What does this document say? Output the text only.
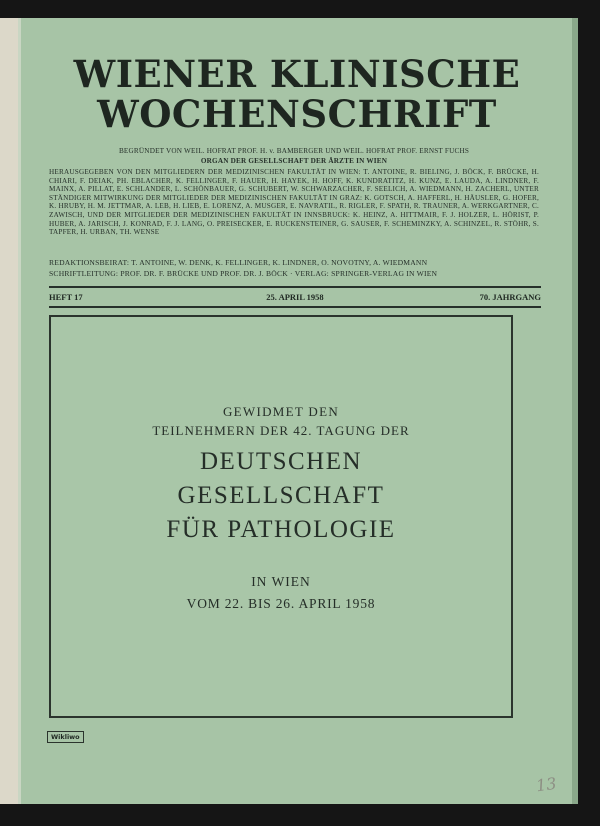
WIENER KLINISCHE
WOCHENSCHRIFT
BEGRÜNDET VON WEIL. HOFRAT PROF. H. v. BAMBERGER UND WEIL. HOFRAT PROF. ERNST FUCHS
ORGAN DER GESELLSCHAFT DER ÄRZTE IN WIEN
HERAUSGEGEBEN VON DEN MITGLIEDERN DER MEDIZINISCHEN FAKULTÄT IN WIEN: T. ANTOINE, R. BIELING, J. BÖCK, F. BRÜCKE, H. CHIARI, F. DEIAK, PH. EBLACHER, K. FELLINGER, F. HAUER, H. HAYEK, H. HOFF, K. KUNDRATITZ, H. KUNZ, E. LAUDA, A. LINDNER, F. MAINX, A. PILLAT, E. SCHLANDER, L. SCHÖNBAUER, G. SCHUBERT, W. SCHWARZACHER, F. SEELICH, A. WIEDMANN, H. ZACHERL, UNTER STÄNDIGER MITWIRKUNG DER MITGLIEDER DER MEDIZINISCHEN FAKULTÄT IN GRAZ: K. GOTSCH, A. HAFFERL, H. HÄUSLER, G. HOFER, K. HRUBY, H. M. JETTMAR, A. LEB, H. LIEB, E. LORENZ, A. MUSGER, E. NAVRATIL, R. RIGLER, F. SPATH, R. TRAUNER, A. WERKGARTNER, C. ZAWISCH, UND DER MITGLIEDER DER MEDIZINISCHEN FAKULTÄT IN INNSBRUCK: K. HEINZ, A. HITTMAIR, F. J. HOLZER, L. HÖRIST, P. HUBER, A. JARISCH, J. KONRAD, F. J. LANG, O. PREISECKER, E. RUCKENSTEINER, G. SAUSER, F. SCHEMINZKY, A. SCHINZEL, R. STÖHR, S. TAPFER, H. URBAN, TH. WENSE
REDAKTIONSBEIRAT: T. ANTOINE, W. DENK, K. FELLINGER, K. LINDNER, O. NOVOTNY, A. WIEDMANN
SCHRIFTLEITUNG: PROF. DR. F. BRÜCKE UND PROF. DR. J. BÖCK · VERLAG: SPRINGER-VERLAG IN WIEN
HEFT 17	25. APRIL 1958	70. JAHRGANG
GEWIDMET DEN
TEILNEHMERN DER 42. TAGUNG DER
DEUTSCHEN
GESELLSCHAFT
FÜR PATHOLOGIE
IN WIEN
VOM 22. BIS 26. APRIL 1958
Wikliwo
13
